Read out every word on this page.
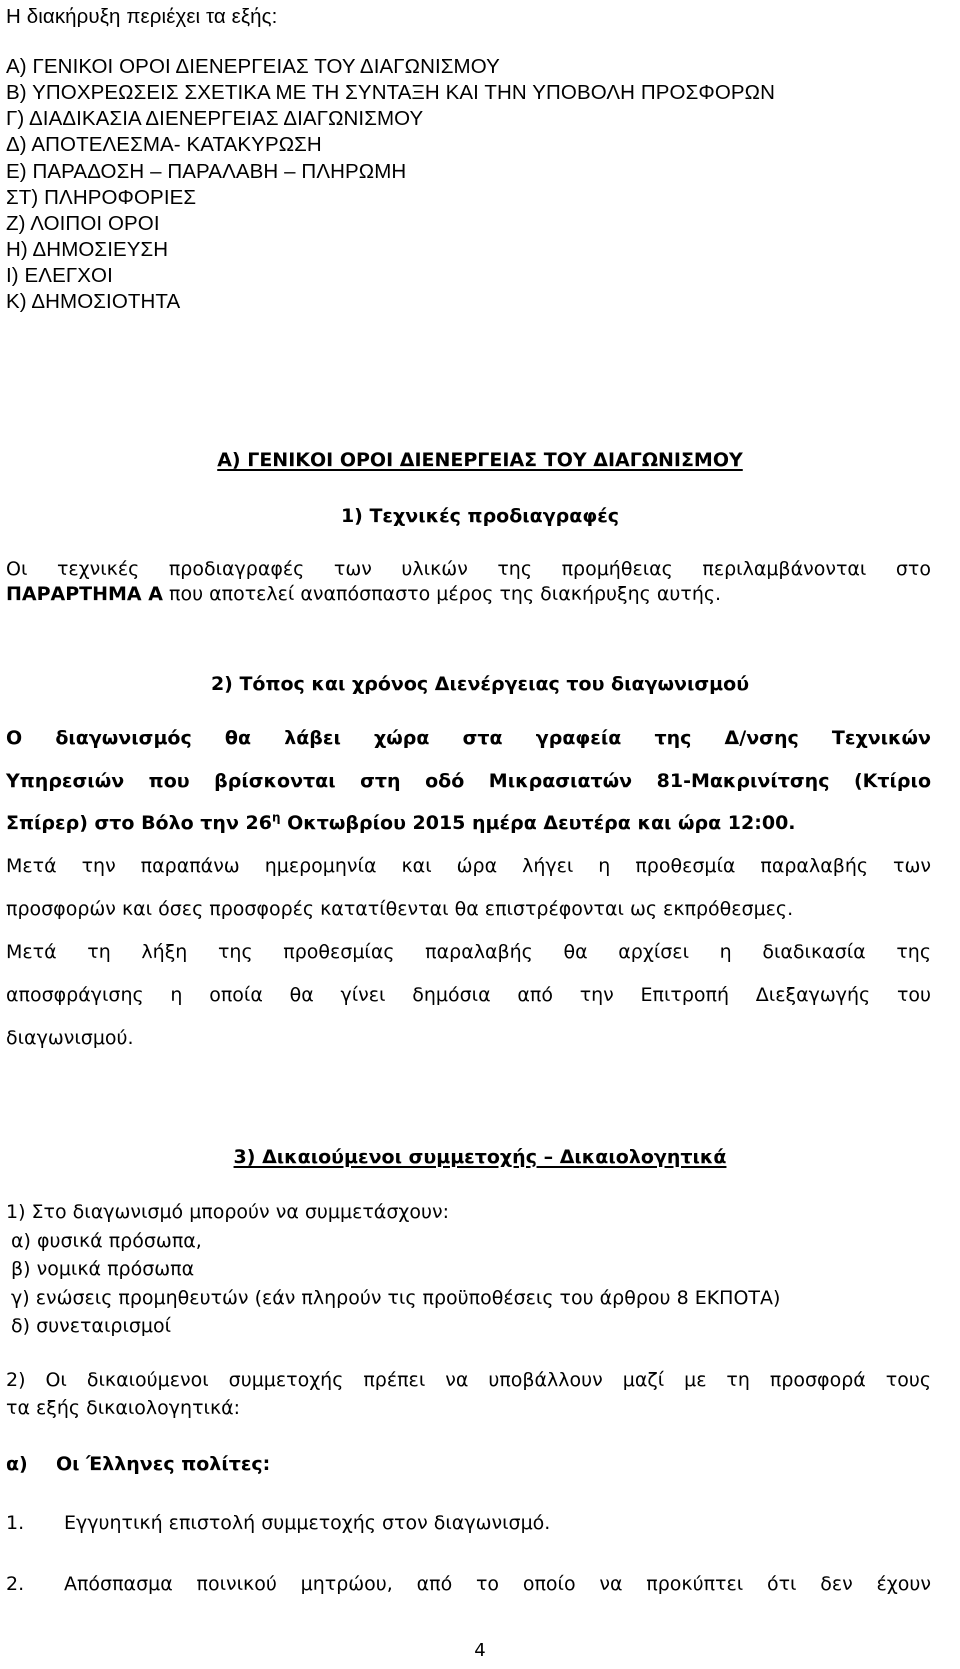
Η διακήρυξη περιέχει τα εξής:
Α) ΓΕΝΙΚΟΙ ΟΡΟΙ ΔΙΕΝΕΡΓΕΙΑΣ ΤΟΥ ΔΙΑΓΩΝΙΣΜΟΥ
Β) ΥΠΟΧΡΕΩΣΕΙΣ ΣΧΕΤΙΚΑ ΜΕ ΤΗ ΣΥΝΤΑΞΗ ΚΑΙ ΤΗΝ ΥΠΟΒΟΛΗ ΠΡΟΣΦΟΡΩΝ
Γ) ΔΙΑΔΙΚΑΣΙΑ ΔΙΕΝΕΡΓΕΙΑΣ ΔΙΑΓΩΝΙΣΜΟΥ
Δ) ΑΠΟΤΕΛΕΣΜΑ- ΚΑΤΑΚΥΡΩΣΗ
Ε) ΠΑΡΑΔΟΣΗ – ΠΑΡΑΛΑΒΗ – ΠΛΗΡΩΜΗ
ΣΤ) ΠΛΗΡΟΦΟΡΙΕΣ
Ζ) ΛΟΙΠΟΙ ΟΡΟΙ
Η) ΔΗΜΟΣΙΕΥΣΗ
Ι) ΕΛΕΓΧΟΙ
Κ) ΔΗΜΟΣΙΟΤΗΤΑ
Α) ΓΕΝΙΚΟΙ ΟΡΟΙ ΔΙΕΝΕΡΓΕΙΑΣ ΤΟΥ ΔΙΑΓΩΝΙΣΜΟΥ
1) Τεχνικές προδιαγραφές
Οι τεχνικές προδιαγραφές των υλικών της προμήθειας περιλαμβάνονται στο
ΠΑΡΑΡΤΗΜΑ Α που αποτελεί αναπόσπαστο μέρος της διακήρυξης αυτής.
2) Τόπος και χρόνος Διενέργειας του διαγωνισμού
Ο διαγωνισμός θα λάβει χώρα στα γραφεία της Δ/νσης Τεχνικών
Υπηρεσιών που βρίσκονται στη οδό Μικρασιατών 81-Μακρινίτσης (Κτίριο
Σπίρερ) στο Βόλο την $26^\eta$ Οκτωβρίου 2015 ημέρα Δευτέρα και ώρα 12:00.
Μετά την παραπάνω ημερομηνία και ώρα λήγει η προθεσμία παραλαβής των
προσφορών και όσες προσφορές κατατίθενται θα επιστρέφονται ως εκπρόθεσμες.
Μετά τη λήξη της προθεσμίας παραλαβής θα αρχίσει η διαδικασία της
αποσφράγισης η οποία θα γίνει δημόσια από την Επιτροπή Διεξαγωγής του
διαγωνισμού.
3) Δικαιούμενοι συμμετοχής – Δικαιολογητικά
1) Στο διαγωνισμό μπορούν να συμμετάσχουν:
α) φυσικά πρόσωπα,
β) νομικά πρόσωπα
γ) ενώσεις προμηθευτών (εάν πληρούν τις προϋποθέσεις του άρθρου 8 ΕΚΠΟΤΑ)
δ) συνεταιρισμοί
2) Οι δικαιούμενοι συμμετοχής πρέπει να υποβάλλουν μαζί με τη προσφορά τους
τα εξής δικαιολογητικά:
α) Οι Έλληνες πολίτες:
1. Εγγυητική επιστολή συμμετοχής στον διαγωνισμό.
2. Απόσπασμα ποινικού μητρώου, από το οποίο να προκύπτει ότι δεν έχουν
4
